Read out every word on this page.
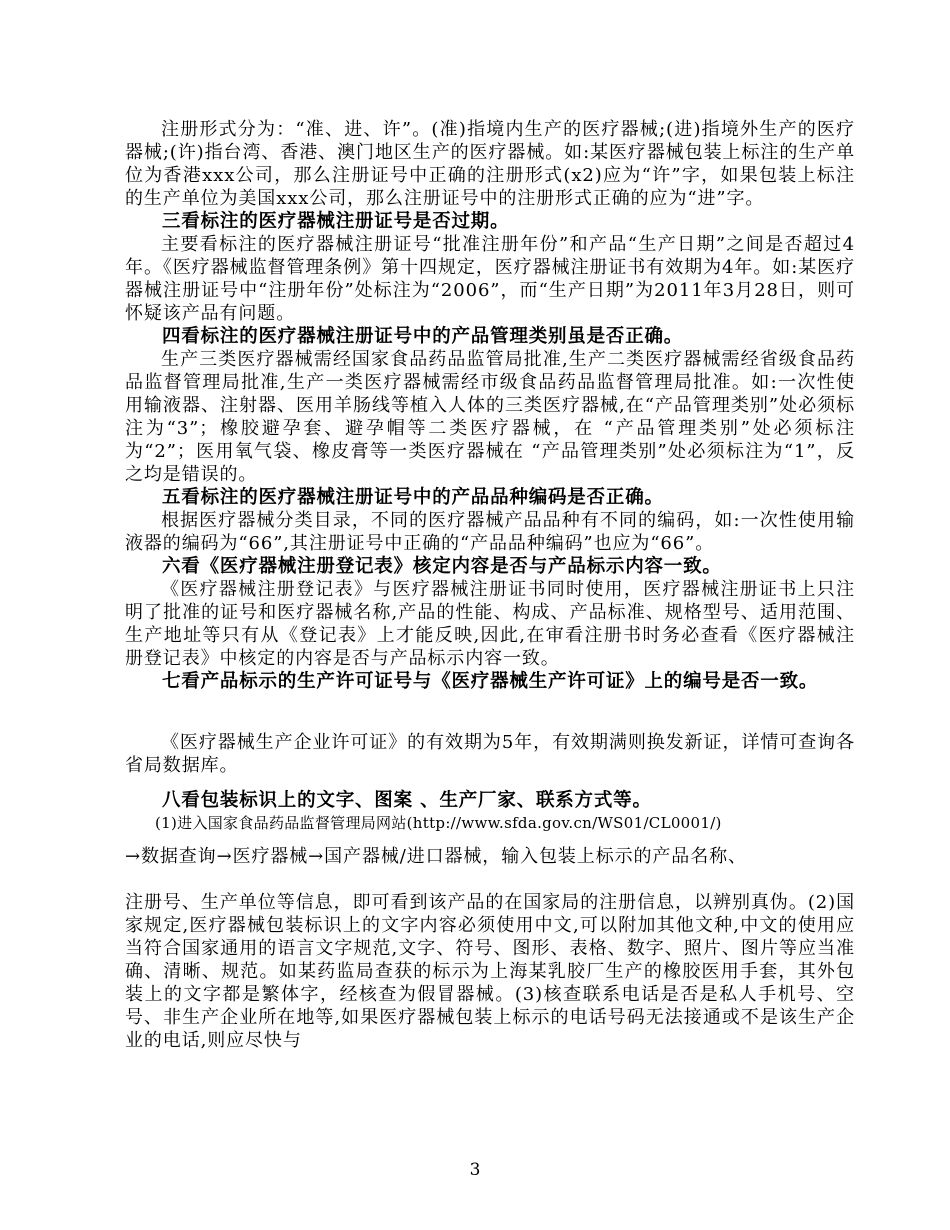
注册形式分为：“准、进、许”。(准)指境内生产的医疗器械;(进)指境外生产的医疗器械;(许)指台湾、香港、澳门地区生产的医疗器械。如:某医疗器械包装上标注的生产单位为香港xxx公司，那么注册证号中正确的注册形式(x2)应为“许”字，如果包装上标注的生产单位为美国xxx公司，那么注册证号中的注册形式正确的应为“进”字。

三看标注的医疗器械注册证号是否过期。

主要看标注的医疗器械注册证号“批准注册年份”和产品“生产日期”之间是否超过4年。《医疗器械监督管理条例》第十四规定，医疗器械注册证书有效期为4年。如:某医疗器械注册证号中“注册年份”处标注为“2006”，而“生产日期”为2011年3月28日，则可怀疑该产品有问题。

四看标注的医疗器械注册证号中的产品管理类别虽是否正确。

生产三类医疗器械需经国家食品药品监管局批准,生产二类医疗器械需经省级食品药品监督管理局批准,生产一类医疗器械需经市级食品药品监督管理局批准。如:一次性使用输液器、注射器、医用羊肠线等植入人体的三类医疗器械,在“产品管理类别”处必须标注为“3”；橡胶避孕套、避孕帽等二类医疗器械，在 “产品管理类别”处必须标注为“2”；医用氧气袋、橡皮膏等一类医疗器械在 “产品管理类别”处必须标注为“1”，反之均是错误的。

五看标注的医疗器械注册证号中的产品品种编码是否正确。

根据医疗器械分类目录，不同的医疗器械产品品种有不同的编码，如:一次性使用输液器的编码为“66”,其注册证号中正确的“产品品种编码”也应为“66”。

六看《医疗器械注册登记表》核定内容是否与产品标示内容一致。

《医疗器械注册登记表》与医疗器械注册证书同时使用，医疗器械注册证书上只注明了批准的证号和医疗器械名称,产品的性能、构成、产品标准、规格型号、适用范围、生产地址等只有从《登记表》上才能反映,因此,在审看注册书时务必查看《医疗器械注册登记表》中核定的内容是否与产品标示内容一致。

七看产品标示的生产许可证号与《医疗器械生产许可证》上的编号是否一致。

《医疗器械生产企业许可证》的有效期为5年，有效期满则换发新证，详情可查询各省局数据库。

八看包装标识上的文字、图案 、生产厂家、联系方式等。

(1)进入国家食品药品监督管理局网站(http://www.sfda.gov.cn/WS01/CL0001/)

→数据查询→医疗器械→国产器械/进口器械，输入包装上标示的产品名称、

注册号、生产单位等信息，即可看到该产品的在国家局的注册信息，以辨别真伪。(2)国家规定,医疗器械包装标识上的文字内容必须使用中文,可以附加其他文种,中文的使用应当符合国家通用的语言文字规范,文字、符号、图形、表格、数字、照片、图片等应当准确、清晰、规范。如某药监局查获的标示为上海某乳胶厂生产的橡胶医用手套，其外包装上的文字都是繁体字，经核查为假冒器械。(3)核查联系电话是否是私人手机号、空号、非生产企业所在地等,如果医疗器械包装上标示的电话号码无法接通或不是该生产企业的电话,则应尽快与

3
